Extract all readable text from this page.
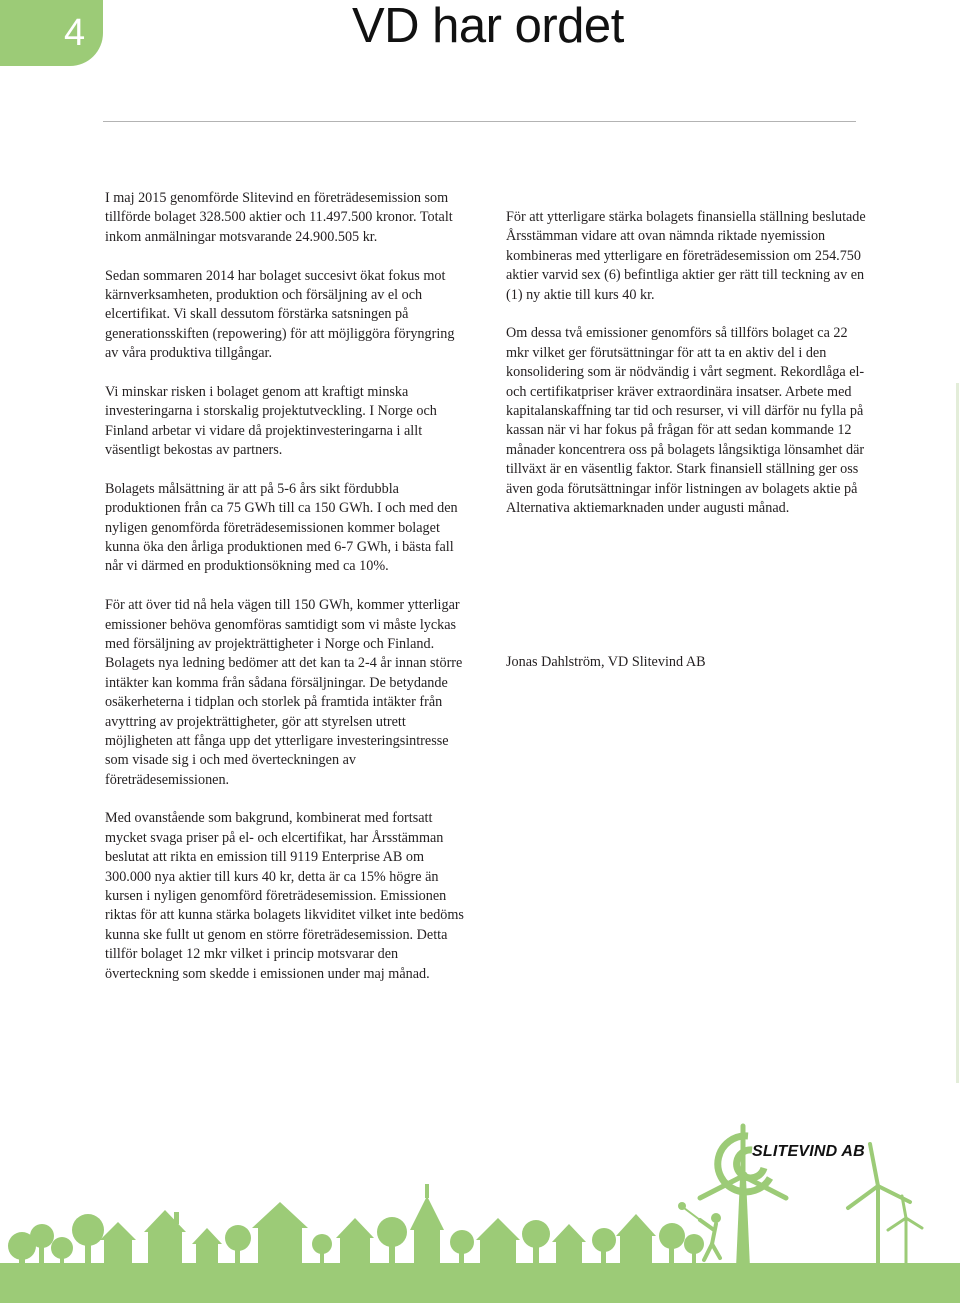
4	VD har ordet

I maj 2015 genomförde Slitevind en företrädesemission som tillförde bolaget 328.500 aktier och 11.497.500 kronor. Totalt inkom anmälningar motsvarande 24.900.505 kr.

Sedan sommaren 2014 har bolaget succesivt ökat fokus mot kärnverksamheten, produktion och försäljning av el och elcertifikat. Vi skall dessutom förstärka satsningen på generationsskiften (repowering) för att möjliggöra föryngring av våra produktiva tillgångar.

Vi minskar risken i bolaget genom att kraftigt minska investeringarna i storskalig projektutveckling. I Norge och Finland arbetar vi vidare då projektinvesteringarna i allt väsentligt bekostas av partners.

Bolagets målsättning är att på 5-6 års sikt fördubbla produktionen från ca 75 GWh till ca 150 GWh. I och med den nyligen genomförda företrädesemissionen kommer bolaget kunna öka den årliga produktionen med 6-7 GWh, i bästa fall når vi därmed en produktionsökning med ca 10%.

För att över tid nå hela vägen till 150 GWh, kommer ytterligar emissioner behöva genomföras samtidigt som vi måste lyckas med försäljning av projekträttigheter i Norge och Finland. Bolagets nya ledning bedömer att det kan ta 2-4 år innan större intäkter kan komma från sådana försäljningar. De betydande osäkerheterna i tidplan och storlek på framtida intäkter från avyttring av projekträttigheter, gör att styrelsen utrett möjligheten att fånga upp det ytterligare investeringsintresse som visade sig i och med överteckningen av företrädesemissionen.

Med ovanstående som bakgrund, kombinerat med fortsatt mycket svaga priser på el- och elcertifikat, har Årsstämman beslutat att rikta en emission till 9119 Enterprise AB om 300.000 nya aktier till kurs 40 kr, detta är ca 15% högre än kursen i nyligen genomförd företrädesemission. Emissionen riktas för att kunna stärka bolagets likviditet vilket inte bedöms kunna ske fullt ut genom en större företrädesemission. Detta tillför bolaget 12 mkr vilket i princip motsvarar den överteckning som skedde i emissionen under maj månad.

För att ytterligare stärka bolagets finansiella ställning beslutade Årsstämman vidare att ovan nämnda riktade nyemission kombineras med ytterligare en företrädesemission om 254.750 aktier varvid sex (6) befintliga aktier ger rätt till teckning av en (1) ny aktie till kurs 40 kr.

Om dessa två emissioner genomförs så tillförs bolaget ca 22 mkr vilket ger förutsättningar för att ta en aktiv del i den konsolidering som är nödvändig i vårt segment. Rekordlåga el- och certifikatpriser kräver extraordinära insatser. Arbete med kapitalanskaffning tar tid och resurser, vi vill därför nu fylla på kassan när vi har fokus på frågan för att sedan kommande 12 månader koncentrera oss på bolagets långsiktiga lönsamhet där tillväxt är en väsentlig faktor. Stark finansiell ställning ger oss även goda förutsättningar inför listningen av bolagets aktie på Alternativa aktiemarknaden under augusti månad.

Jonas Dahlström, VD Slitevind AB

SLITEVIND AB
